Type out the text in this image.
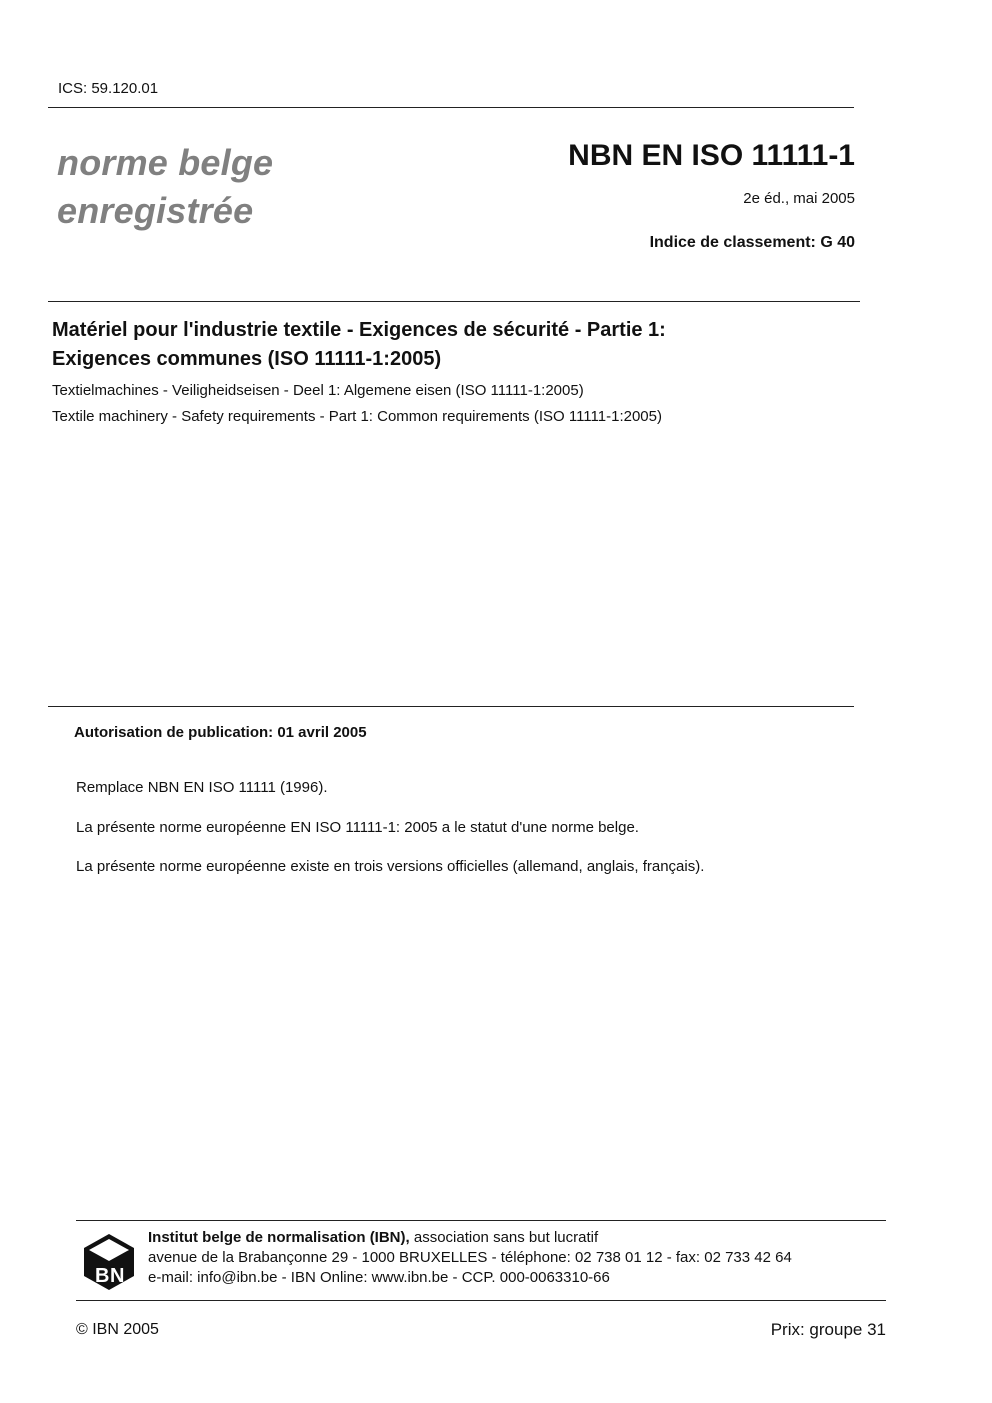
ICS: 59.120.01
norme belge
enregistrée
NBN EN ISO 11111-1
2e éd., mai 2005
Indice de classement: G 40
Matériel pour l'industrie textile - Exigences de sécurité - Partie 1:
Exigences communes (ISO 11111-1:2005)
Textielmachines - Veiligheidseisen - Deel 1: Algemene eisen (ISO 11111-1:2005)
Textile machinery - Safety requirements - Part 1: Common requirements (ISO 11111-1:2005)
Autorisation de publication: 01 avril 2005
Remplace NBN EN ISO 11111 (1996).
La présente norme européenne EN ISO 11111-1: 2005 a le statut d'une norme belge.
La présente norme européenne existe en trois versions officielles (allemand, anglais, français).
B N
Institut belge de normalisation (IBN), association sans but lucratif
avenue de la Brabançonne 29 - 1000 BRUXELLES - téléphone: 02 738 01 12 - fax: 02 733 42 64
e-mail: info@ibn.be - IBN Online: www.ibn.be - CCP. 000-0063310-66
© IBN 2005	Prix: groupe 31
